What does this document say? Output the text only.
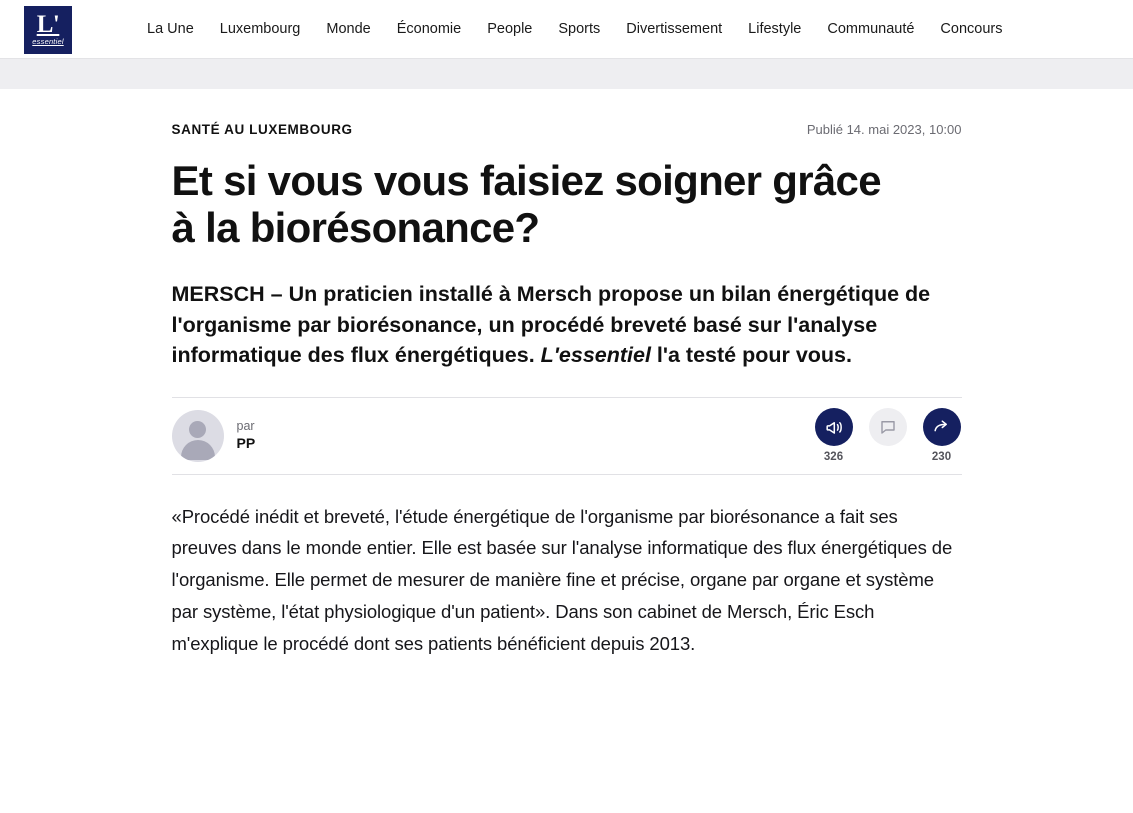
L'
essentiel
La Une	Luxembourg	Monde	Économie	People	Sports	Divertissement	Lifestyle	Communauté	Concours
SANTÉ AU LUXEMBOURG	Publié 14. mai 2023, 10:00
Et si vous vous faisiez soigner grâce à la biorésonance?

MERSCH – Un praticien installé à Mersch propose un bilan énergétique de l'organisme par biorésonance, un procédé breveté basé sur l'analyse informatique des flux énergétiques. L'essentiel l'a testé pour vous.

par
PP
326	230

«Procédé inédit et breveté, l'étude énergétique de l'organisme par biorésonance a fait ses preuves dans le monde entier. Elle est basée sur l'analyse informatique des flux énergétiques de l'organisme. Elle permet de mesurer de manière fine et précise, organe par organe et système par système, l'état physiologique d'un patient». Dans son cabinet de Mersch, Éric Esch m'explique le procédé dont ses patients bénéficient depuis 2013.
